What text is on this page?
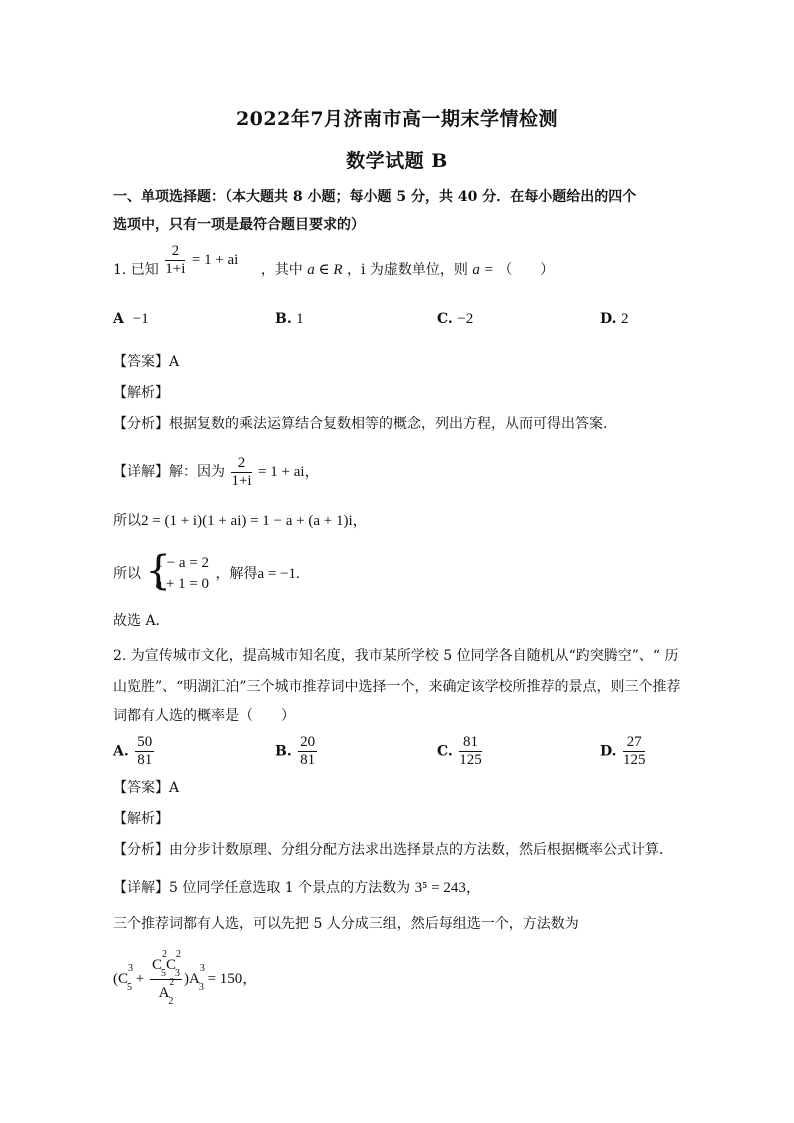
2022年7月济南市高一期末学情检测
数学试题 B
一、单项选择题：（本大题共 8 小题；每小题 5 分，共 40 分．在每小题给出的四个
选项中，只有一项是最符合题目要求的）
1. 已知 $\frac{2}{1+i} = 1$ + ai ，其中 a ∈ R ，i 为虚数单位，则 a = （　　）
A −1	B. 1	C. −2	D. 2
【答案】A
【解析】
【分析】根据复数的乘法运算结合复数相等的概念，列出方程，从而可得出答案.
【详解】解：因为 $\frac{2}{1+i} = 1$ + ai，
所以2 = (1 + i)(1 + ai) = 1 − a + (a + 1)i，
所以 {
1 − a = 2
a + 1 = 0
，解得a = −1.
故选 A．
2. 为宣传城市文化，提高城市知名度，我市某所学校 5 位同学各自随机从“趵突腾空”、“ 历
山览胜”、“明湖汇泊”三个城市推荐词中选择一个，来确定该学校所推荐的景点，则三个推荐
词都有人选的概率是（　　）
A. $\frac{50}{81}$	B. $\frac{20}{81}$	C. $\frac{81}{125}$	D. $\frac{27}{125}$
【答案】A
【解析】
【分析】由分步计数原理、分组分配方法求出选择景点的方法数，然后根据概率公式计算．
【详解】5 位同学任意选取 1 个景点的方法数为 3⁵ = 243，
三个推荐词都有人选，可以先把 5 人分成三组，然后每组选一个，方法数为
$(C^3_5 + \frac{C^2_5C^2_3}{A^2_2} )A^3_3 = 150$，
